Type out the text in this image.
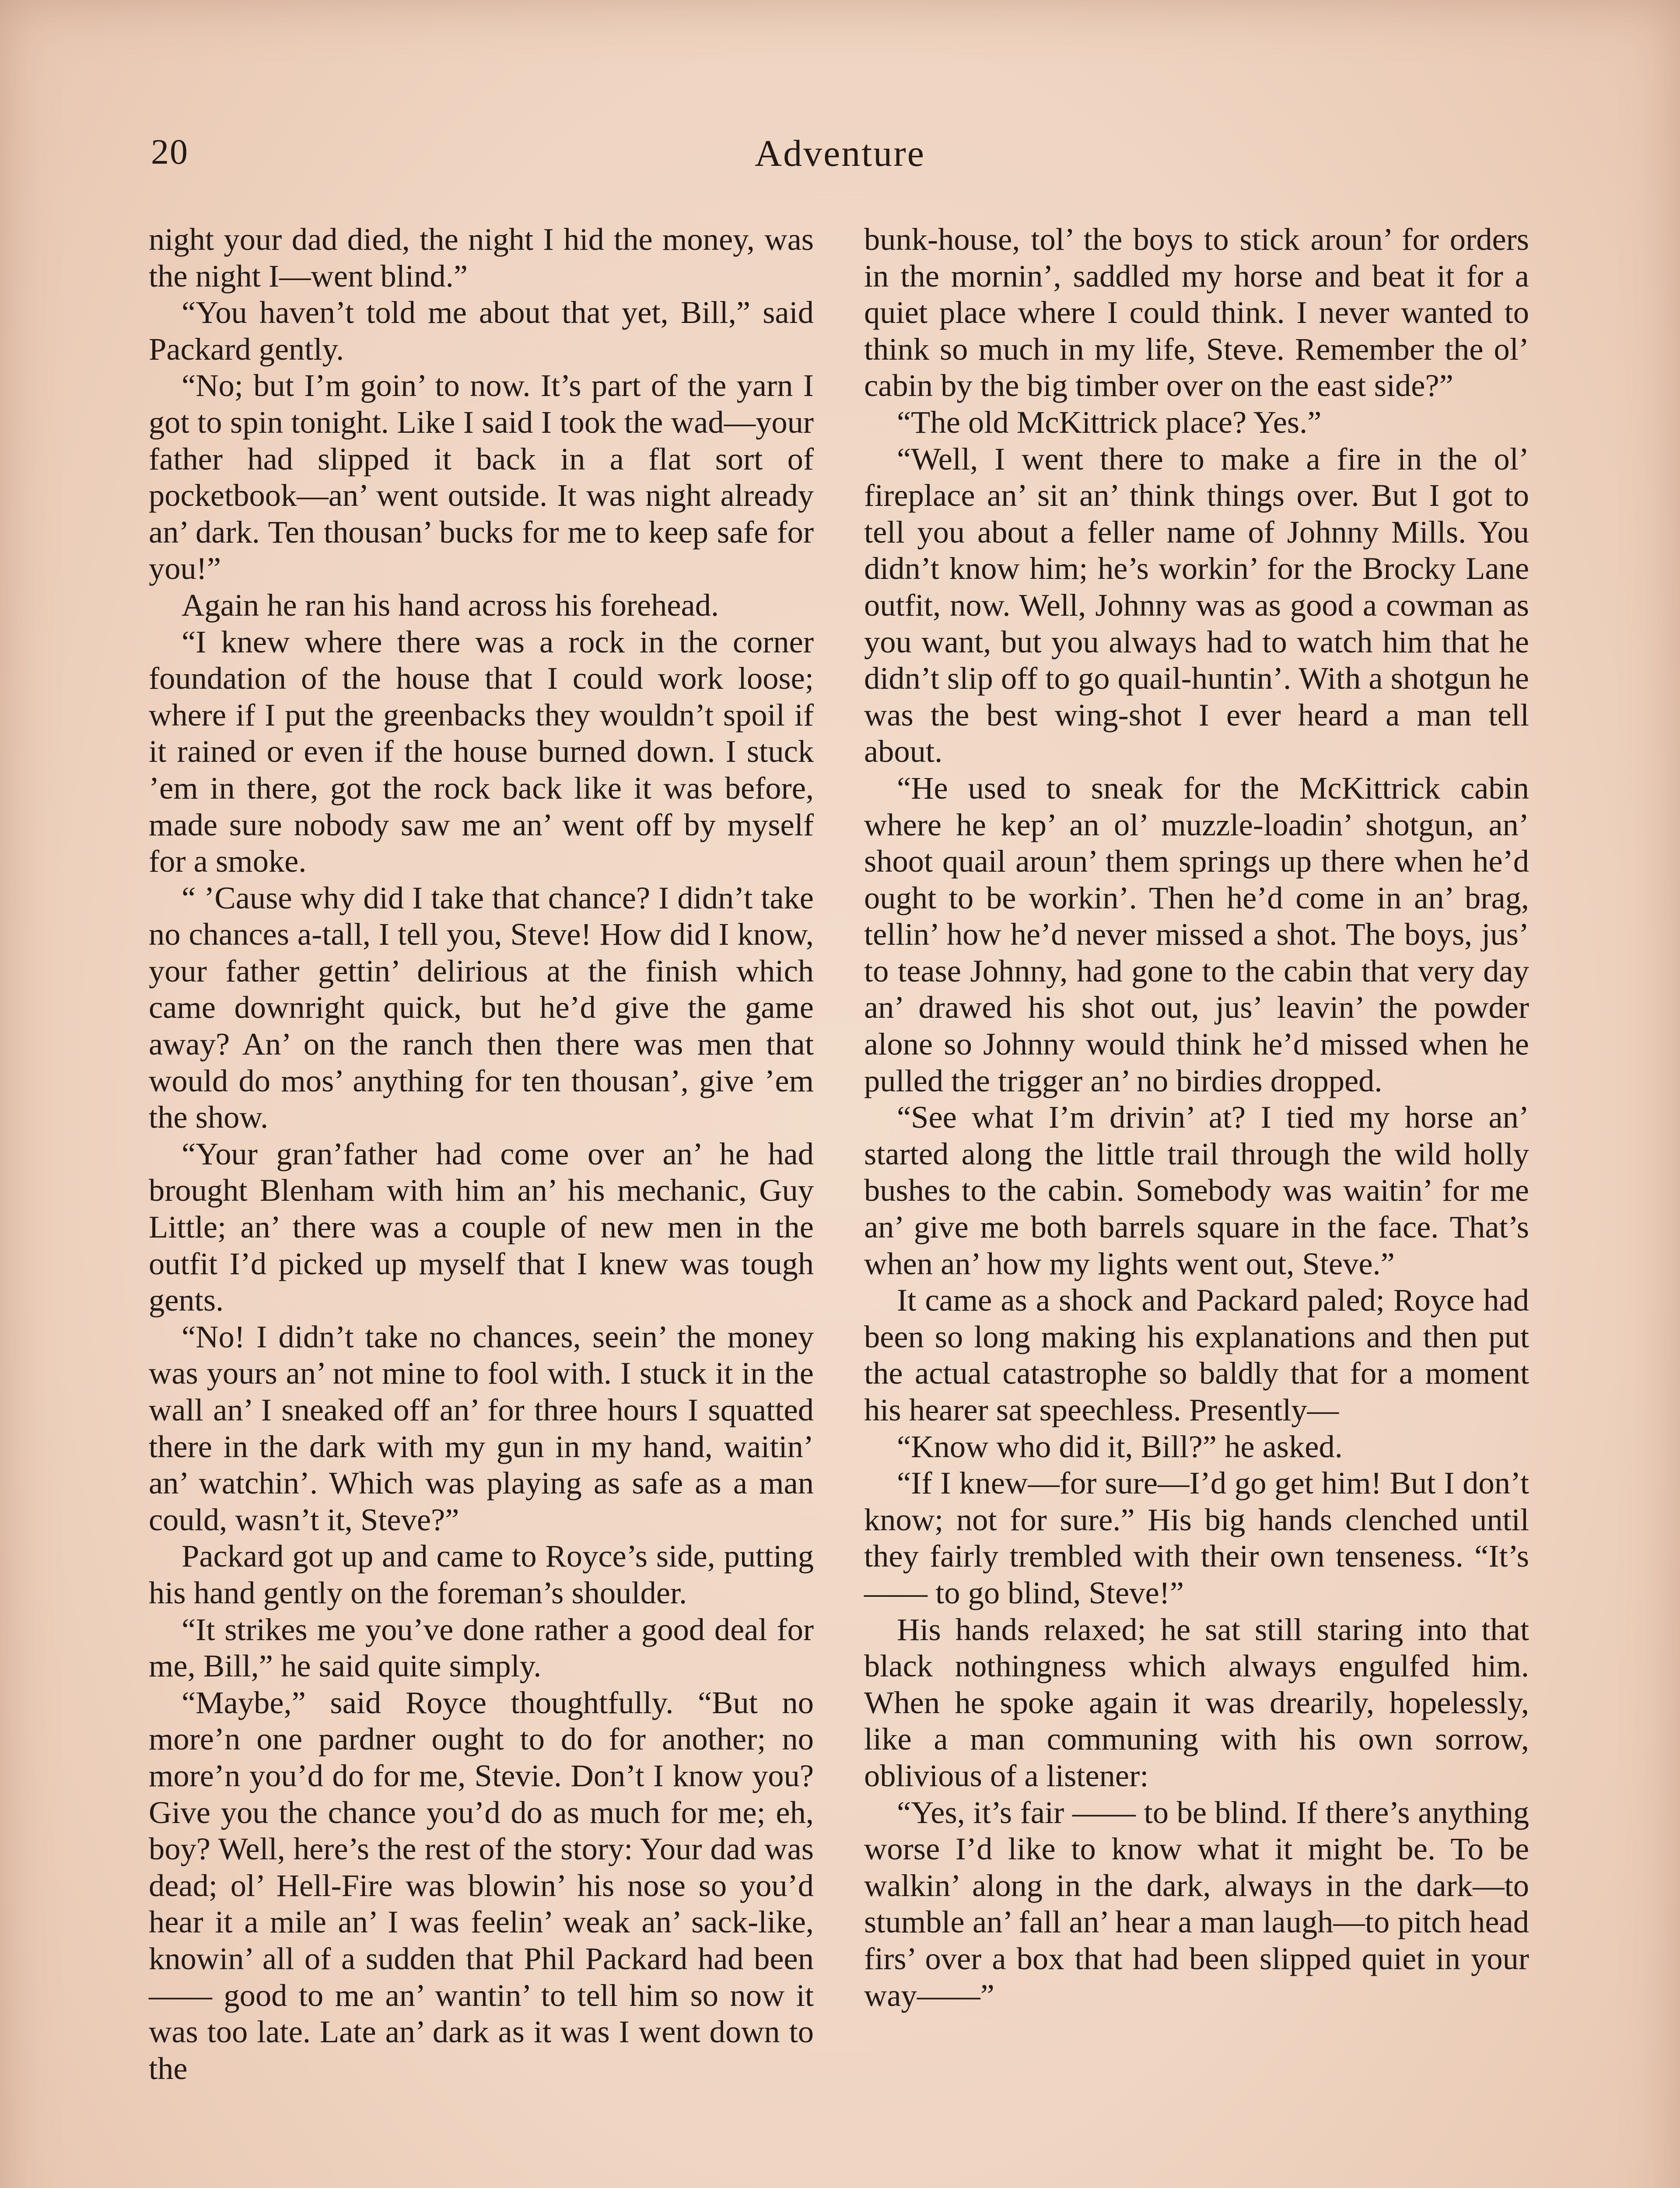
20	Adventure

night your dad died, the night I hid the money, was the night I—went blind.”

“You haven’t told me about that yet, Bill,” said Packard gently.

“No; but I’m goin’ to now. It’s part of the yarn I got to spin tonight. Like I said I took the wad—your father had slipped it back in a flat sort of pocketbook—an’ went outside. It was night already an’ dark. Ten thousan’ bucks for me to keep safe for you!”

Again he ran his hand across his forehead.

“I knew where there was a rock in the corner foundation of the house that I could work loose; where if I put the greenbacks they wouldn’t spoil if it rained or even if the house burned down. I stuck ’em in there, got the rock back like it was before, made sure nobody saw me an’ went off by myself for a smoke.

“ ’Cause why did I take that chance? I didn’t take no chances a-tall, I tell you, Steve! How did I know, your father gettin’ delirious at the finish which came downright quick, but he’d give the game away? An’ on the ranch then there was men that would do mos’ anything for ten thousan’, give ’em the show.

“Your gran’father had come over an’ he had brought Blenham with him an’ his mechanic, Guy Little; an’ there was a couple of new men in the outfit I’d picked up myself that I knew was tough gents.

“No! I didn’t take no chances, seein’ the money was yours an’ not mine to fool with. I stuck it in the wall an’ I sneaked off an’ for three hours I squatted there in the dark with my gun in my hand, waitin’ an’ watchin’. Which was playing as safe as a man could, wasn’t it, Steve?”

Packard got up and came to Royce’s side, putting his hand gently on the foreman’s shoulder.

“It strikes me you’ve done rather a good deal for me, Bill,” he said quite simply.

“Maybe,” said Royce thoughtfully. “But no more’n one pardner ought to do for another; no more’n you’d do for me, Stevie. Don’t I know you? Give you the chance you’d do as much for me; eh, boy? Well, here’s the rest of the story: Your dad was dead; ol’ Hell-Fire was blowin’ his nose so you’d hear it a mile an’ I was feelin’ weak an’ sack-like, knowin’ all of a sudden that Phil Packard had been —— good to me an’ wantin’ to tell him so now it was too late. Late an’ dark as it was I went down to the

bunk-house, tol’ the boys to stick aroun’ for orders in the mornin’, saddled my horse and beat it for a quiet place where I could think. I never wanted to think so much in my life, Steve. Remember the ol’ cabin by the big timber over on the east side?”

“The old McKittrick place? Yes.”

“Well, I went there to make a fire in the ol’ fireplace an’ sit an’ think things over. But I got to tell you about a feller name of Johnny Mills. You didn’t know him; he’s workin’ for the Brocky Lane outfit, now. Well, Johnny was as good a cowman as you want, but you always had to watch him that he didn’t slip off to go quail-huntin’. With a shotgun he was the best wing-shot I ever heard a man tell about.

“He used to sneak for the McKittrick cabin where he kep’ an ol’ muzzle-loadin’ shotgun, an’ shoot quail aroun’ them springs up there when he’d ought to be workin’. Then he’d come in an’ brag, tellin’ how he’d never missed a shot. The boys, jus’ to tease Johnny, had gone to the cabin that very day an’ drawed his shot out, jus’ leavin’ the powder alone so Johnny would think he’d missed when he pulled the trigger an’ no birdies dropped.

“See what I’m drivin’ at? I tied my horse an’ started along the little trail through the wild holly bushes to the cabin. Somebody was waitin’ for me an’ give me both barrels square in the face. That’s when an’ how my lights went out, Steve.”

It came as a shock and Packard paled; Royce had been so long making his explanations and then put the actual catastrophe so baldly that for a moment his hearer sat speechless. Presently—

“Know who did it, Bill?” he asked.

“If I knew—for sure—I’d go get him! But I don’t know; not for sure.” His big hands clenched until they fairly trembled with their own tenseness. “It’s —— to go blind, Steve!”

His hands relaxed; he sat still staring into that black nothingness which always engulfed him. When he spoke again it was drearily, hopelessly, like a man communing with his own sorrow, oblivious of a listener:

“Yes, it’s fair —— to be blind. If there’s anything worse I’d like to know what it might be. To be walkin’ along in the dark, always in the dark—to stumble an’ fall an’ hear a man laugh—to pitch head firs’ over a box that had been slipped quiet in your way——”
